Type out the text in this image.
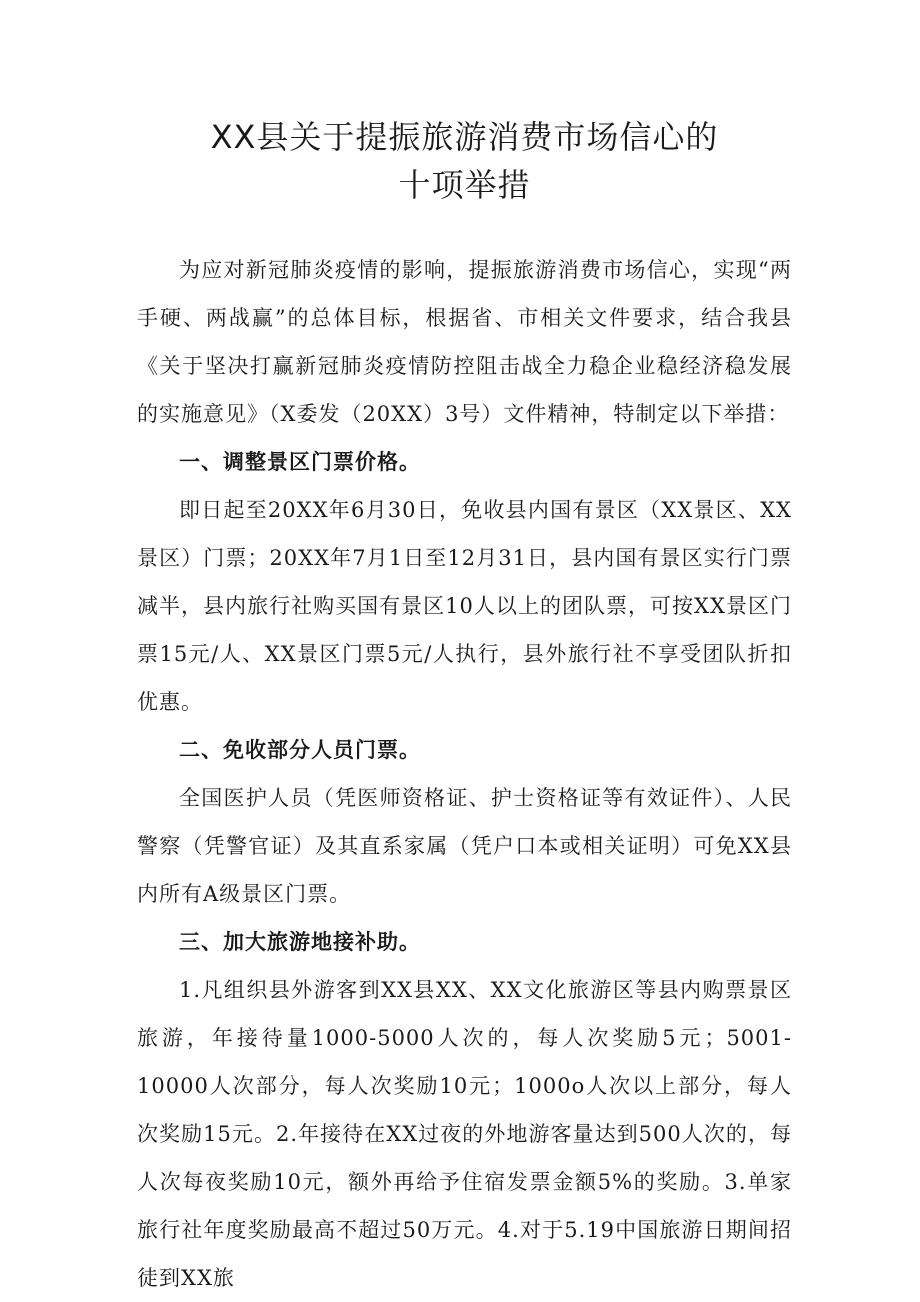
XX县关于提振旅游消费市场信心的
十项举措

为应对新冠肺炎疫情的影响，提振旅游消费市场信心，实现“两手硬、两战赢”的总体目标，根据省、市相关文件要求，结合我县《关于坚决打赢新冠肺炎疫情防控阻击战全力稳企业稳经济稳发展的实施意见》（X委发（20XX）3号）文件精神，特制定以下举措：

一、调整景区门票价格。

即日起至20XX年6月30日，免收县内国有景区（XX景区、XX景区）门票；20XX年7月1日至12月31日，县内国有景区实行门票减半，县内旅行社购买国有景区10人以上的团队票，可按XX景区门票15元/人、XX景区门票5元/人执行，县外旅行社不享受团队折扣优惠。

二、免收部分人员门票。

全国医护人员（凭医师资格证、护士资格证等有效证件）、人民警察（凭警官证）及其直系家属（凭户口本或相关证明）可免XX县内所有A级景区门票。

三、加大旅游地接补助。

1.凡组织县外游客到XX县XX、XX文化旅游区等县内购票景区旅游，年接待量1000-5000人次的，每人次奖励5元；5001-10000人次部分，每人次奖励10元；1000o人次以上部分，每人次奖励15元。2.年接待在XX过夜的外地游客量达到500人次的，每人次每夜奖励10元，额外再给予住宿发票金额5%的奖励。3.单家旅行社年度奖励最高不超过50万元。4.对于5.19中国旅游日期间招徒到XX旅
